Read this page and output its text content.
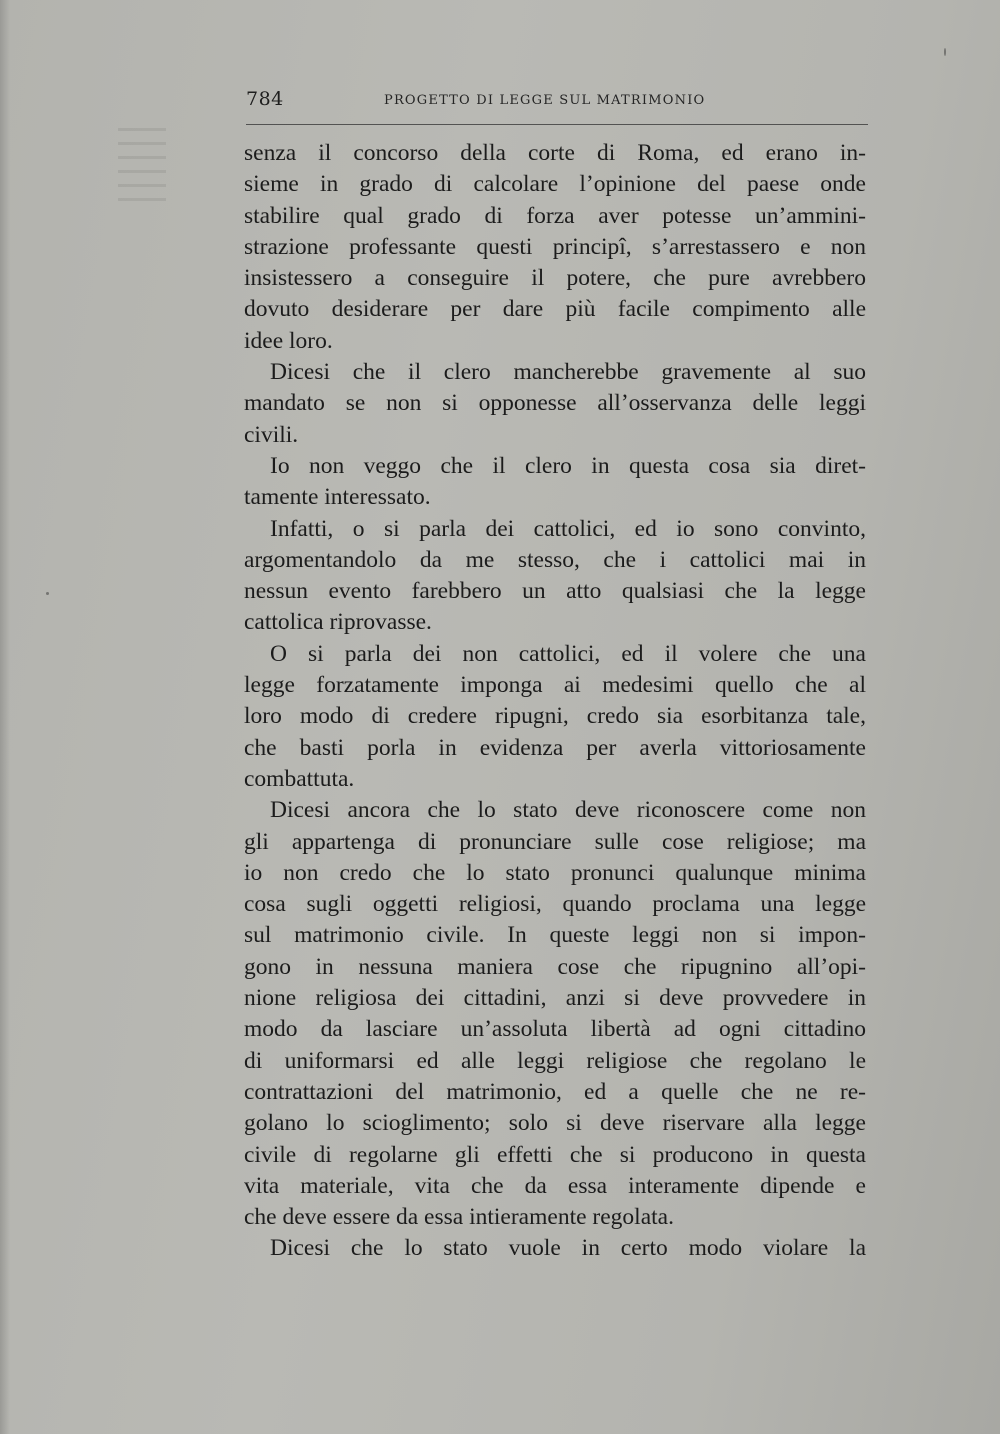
784	PROGETTO DI LEGGE SUL MATRIMONIO
senza il concorso della corte di Roma, ed erano in-
sieme in grado di calcolare l’opinione del paese onde
stabilire qual grado di forza aver potesse un’ammini-
strazione professante questi principî, s’arrestassero e non
insistessero a conseguire il potere, che pure avrebbero
dovuto desiderare per dare più facile compimento alle
idee loro.
Dicesi che il clero mancherebbe gravemente al suo
mandato se non si opponesse all’osservanza delle leggi
civili.
Io non veggo che il clero in questa cosa sia diret-
tamente interessato.
Infatti, o si parla dei cattolici, ed io sono convinto,
argomentandolo da me stesso, che i cattolici mai in
nessun evento farebbero un atto qualsiasi che la legge
cattolica riprovasse.
O si parla dei non cattolici, ed il volere che una
legge forzatamente imponga ai medesimi quello che al
loro modo di credere ripugni, credo sia esorbitanza tale,
che basti porla in evidenza per averla vittoriosamente
combattuta.
Dicesi ancora che lo stato deve riconoscere come non
gli appartenga di pronunciare sulle cose religiose; ma
io non credo che lo stato pronunci qualunque minima
cosa sugli oggetti religiosi, quando proclama una legge
sul matrimonio civile. In queste leggi non si impon-
gono in nessuna maniera cose che ripugnino all’opi-
nione religiosa dei cittadini, anzi si deve provvedere in
modo da lasciare un’assoluta libertà ad ogni cittadino
di uniformarsi ed alle leggi religiose che regolano le
contrattazioni del matrimonio, ed a quelle che ne re-
golano lo scioglimento; solo si deve riservare alla legge
civile di regolarne gli effetti che si producono in questa
vita materiale, vita che da essa interamente dipende e
che deve essere da essa intieramente regolata.
Dicesi che lo stato vuole in certo modo violare la
